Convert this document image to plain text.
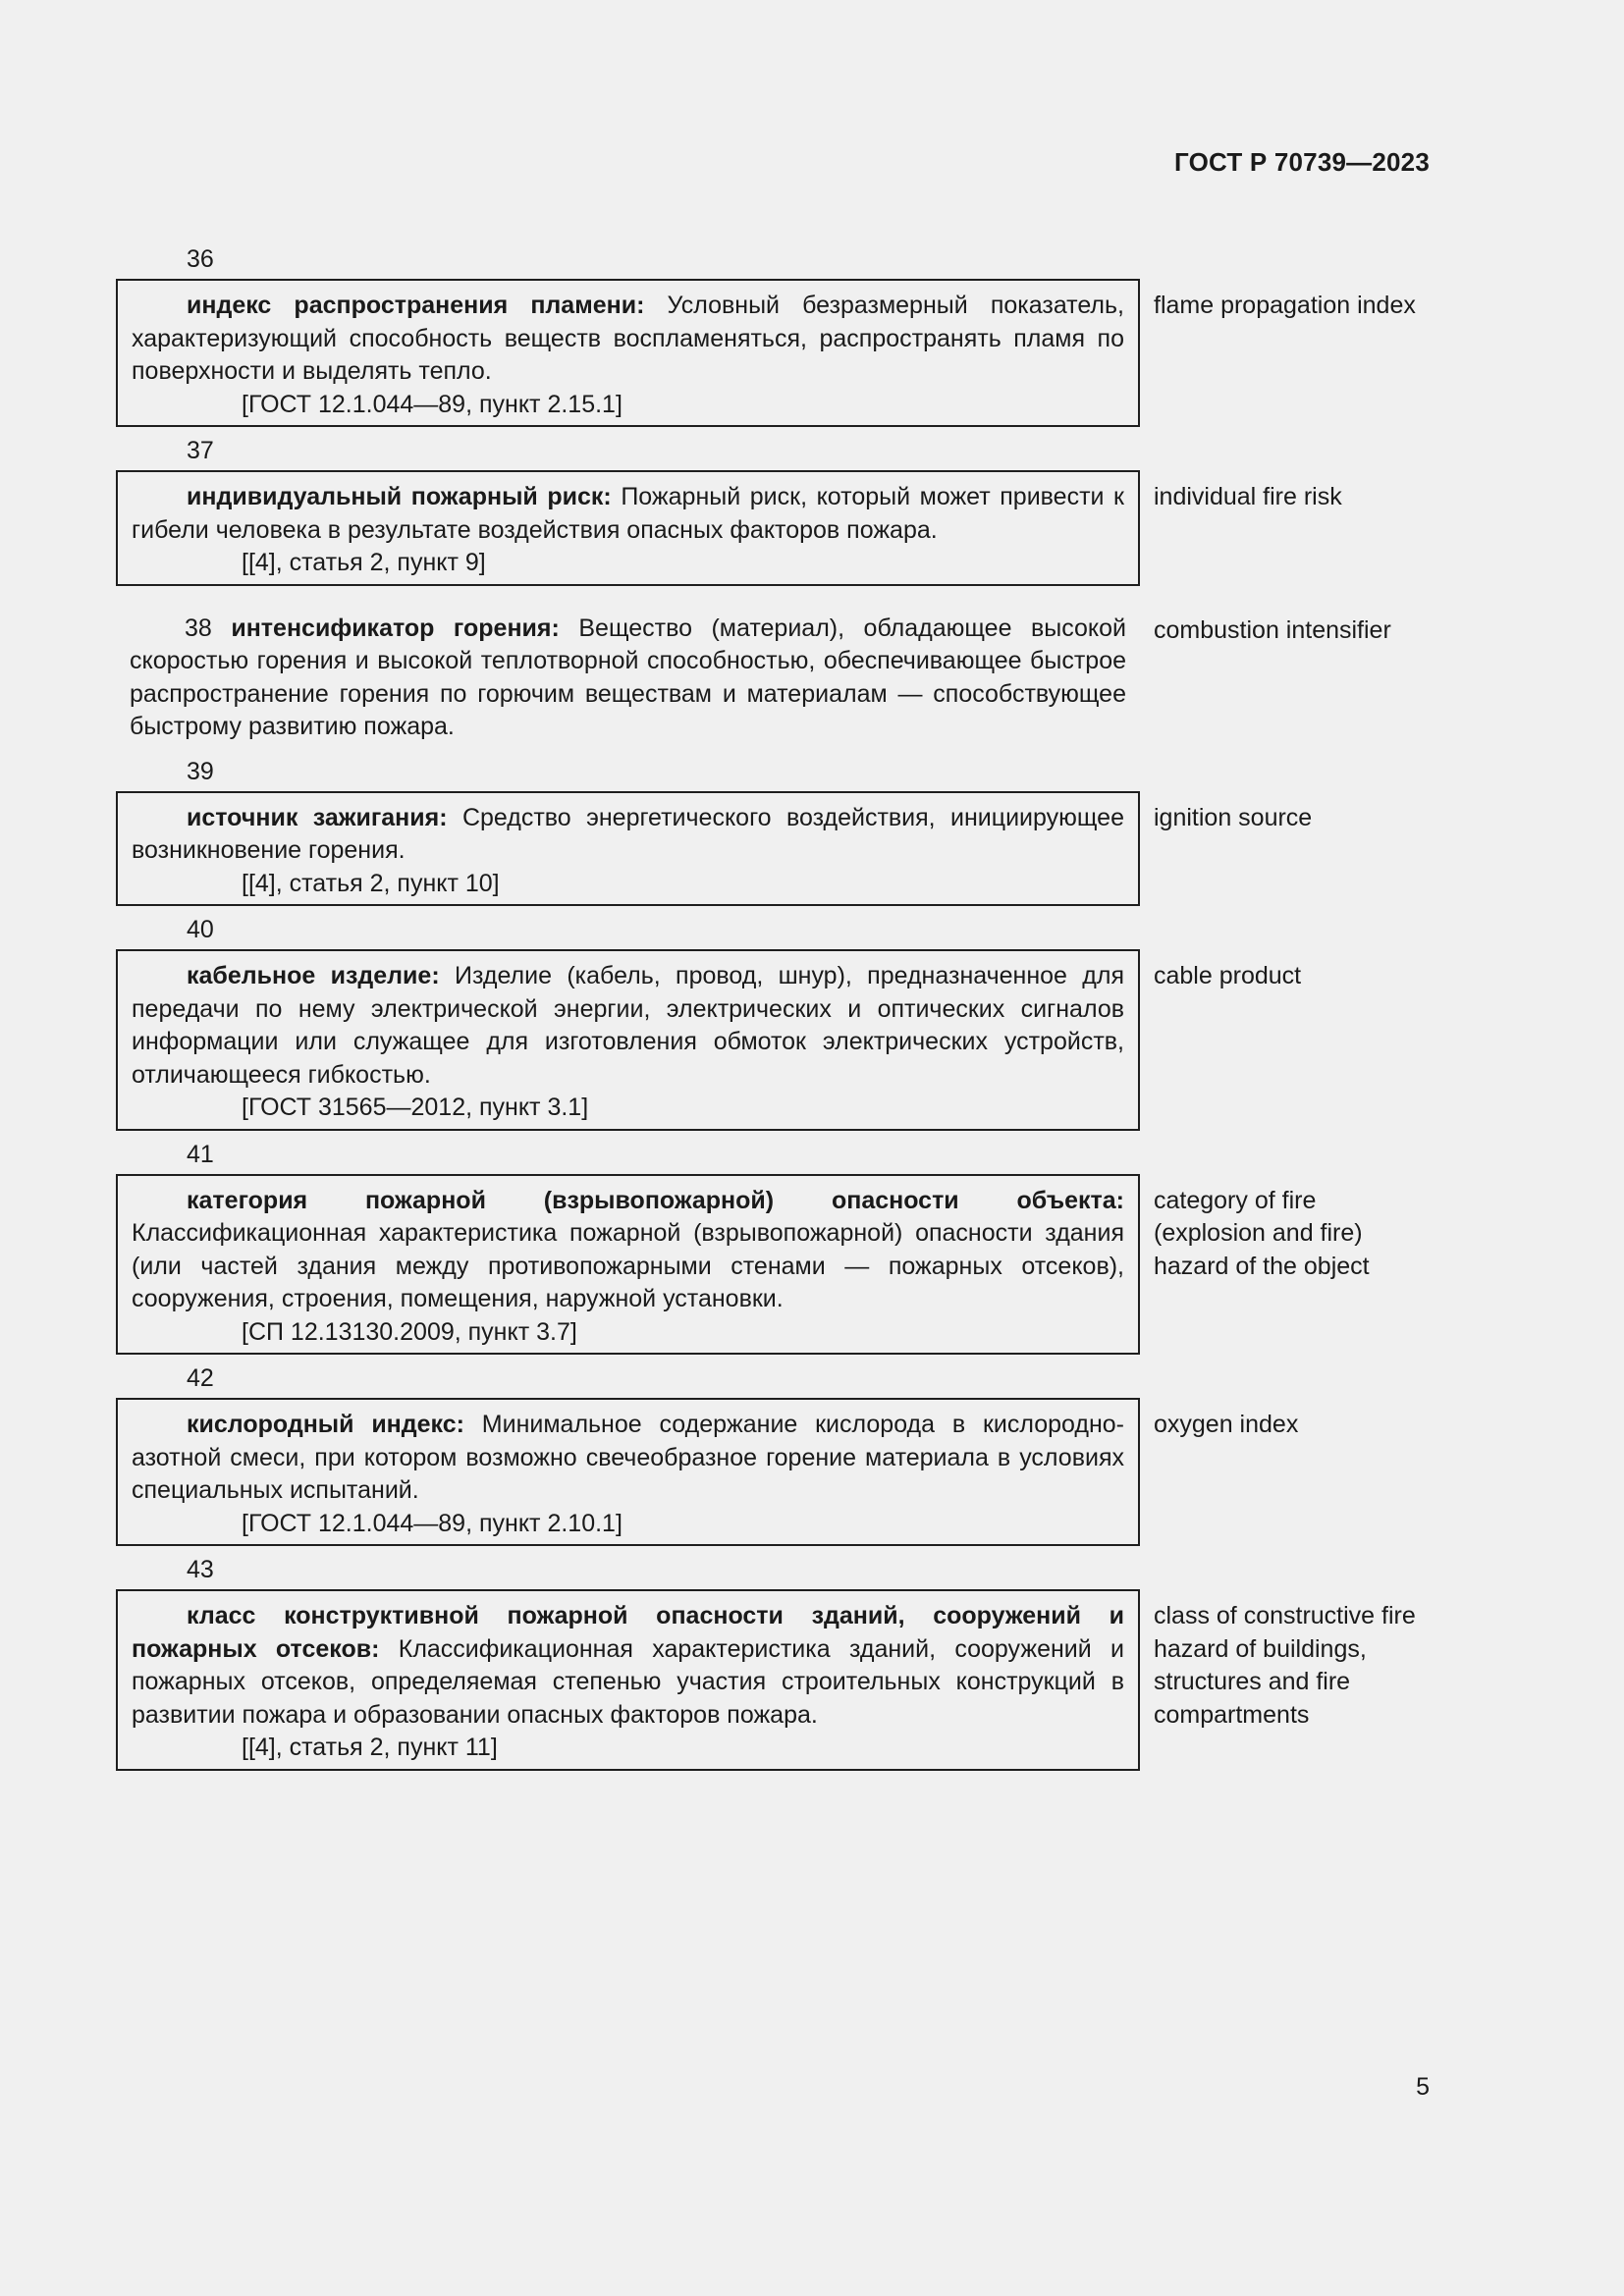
ГОСТ Р 70739—2023
36

индекс распространения пламени: Условный безразмерный показатель, характеризующий способность веществ воспламеняться, распространять пламя по поверхности и выделять тепло.

[ГОСТ 12.1.044—89, пункт 2.15.1]

flame propagation index
37

индивидуальный пожарный риск: Пожарный риск, который может привести к гибели человека в результате воздействия опасных факторов пожара.

[[4], статья 2, пункт 9]

individual fire risk

38 интенсификатор горения: Вещество (материал), обладающее высокой скоростью горения и высокой теплотворной способностью, обеспечивающее быстрое распространение горения по горючим веществам и материалам — способствующее быстрому развитию пожара.

combustion intensifier
39

источник зажигания: Средство энергетического воздействия, инициирующее возникновение горения.

[[4], статья 2, пункт 10]

ignition source
40

кабельное изделие: Изделие (кабель, провод, шнур), предназначенное для передачи по нему электрической энергии, электрических и оптических сигналов информации или служащее для изготовления обмоток электрических устройств, отличающееся гибкостью.

[ГОСТ 31565—2012, пункт 3.1]

cable product
41

категория пожарной (взрывопожарной) опасности объекта: Классификационная характеристика пожарной (взрывопожарной) опасности здания (или частей здания между противопожарными стенами — пожарных отсеков), сооружения, строения, помещения, наружной установки.

[СП 12.13130.2009, пункт 3.7]

category of fire (explosion and fire) hazard of the object
42

кислородный индекс: Минимальное содержание кислорода в кислородно-азотной смеси, при котором возможно свечеобразное горение материала в условиях специальных испытаний.

[ГОСТ 12.1.044—89, пункт 2.10.1]

oxygen index
43

класс конструктивной пожарной опасности зданий, сооружений и пожарных отсеков: Классификационная характеристика зданий, сооружений и пожарных отсеков, определяемая степенью участия строительных конструкций в развитии пожара и образовании опасных факторов пожара.

[[4], статья 2, пункт 11]

class of constructive fire hazard of buildings, structures and fire compartments
5
